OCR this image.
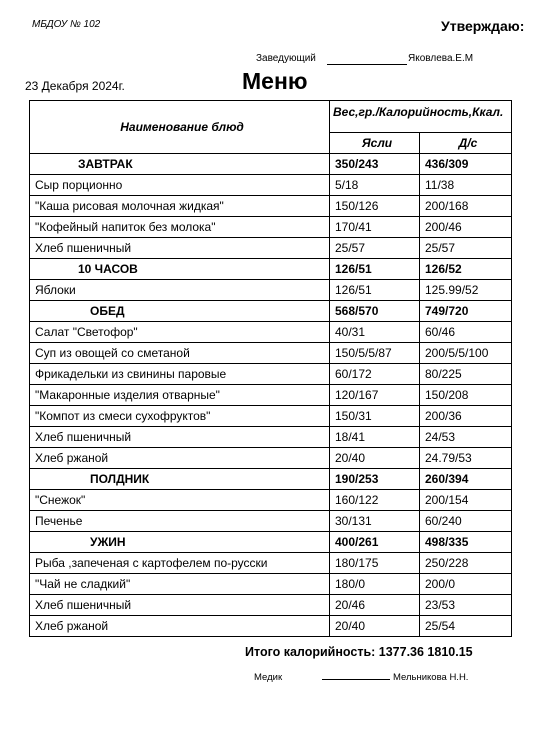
МБДОУ № 102	Утверждаю:
Заведующий	Яковлева.Е.М
23 Декабря 2024г.	Меню
Наименование блюд	Вес,гр./Калорийность,Ккал.	
	Ясли	Д/с
ЗАВТРАК	350/243	436/309
Сыр порционно	5/18	11/38
"Каша рисовая молочная жидкая"	150/126	200/168
"Кофейный напиток без молока"	170/41	200/46
Хлеб пшеничный	25/57	25/57
10 ЧАСОВ	126/51	126/52
Яблоки	126/51	125.99/52
ОБЕД	568/570	749/720
Салат "Светофор"	40/31	60/46
Суп из овощей со сметаной	150/5/5/87	200/5/5/100
Фрикадельки из свинины паровые	60/172	80/225
"Макаронные изделия отварные"	120/167	150/208
"Компот из смеси сухофруктов"	150/31	200/36
Хлеб пшеничный	18/41	24/53
Хлеб ржаной	20/40	24.79/53
ПОЛДНИК	190/253	260/394
"Снежок"	160/122	200/154
Печенье	30/131	60/240
УЖИН	400/261	498/335
Рыба ,запеченая с картофелем по-русски	180/175	250/228
"Чай не сладкий"	180/0	200/0
Хлеб пшеничный	20/46	23/53
Хлеб ржаной	20/40	25/54
Итого калорийность: 1377.36 1810.15
Медик	Мельникова Н.Н.
